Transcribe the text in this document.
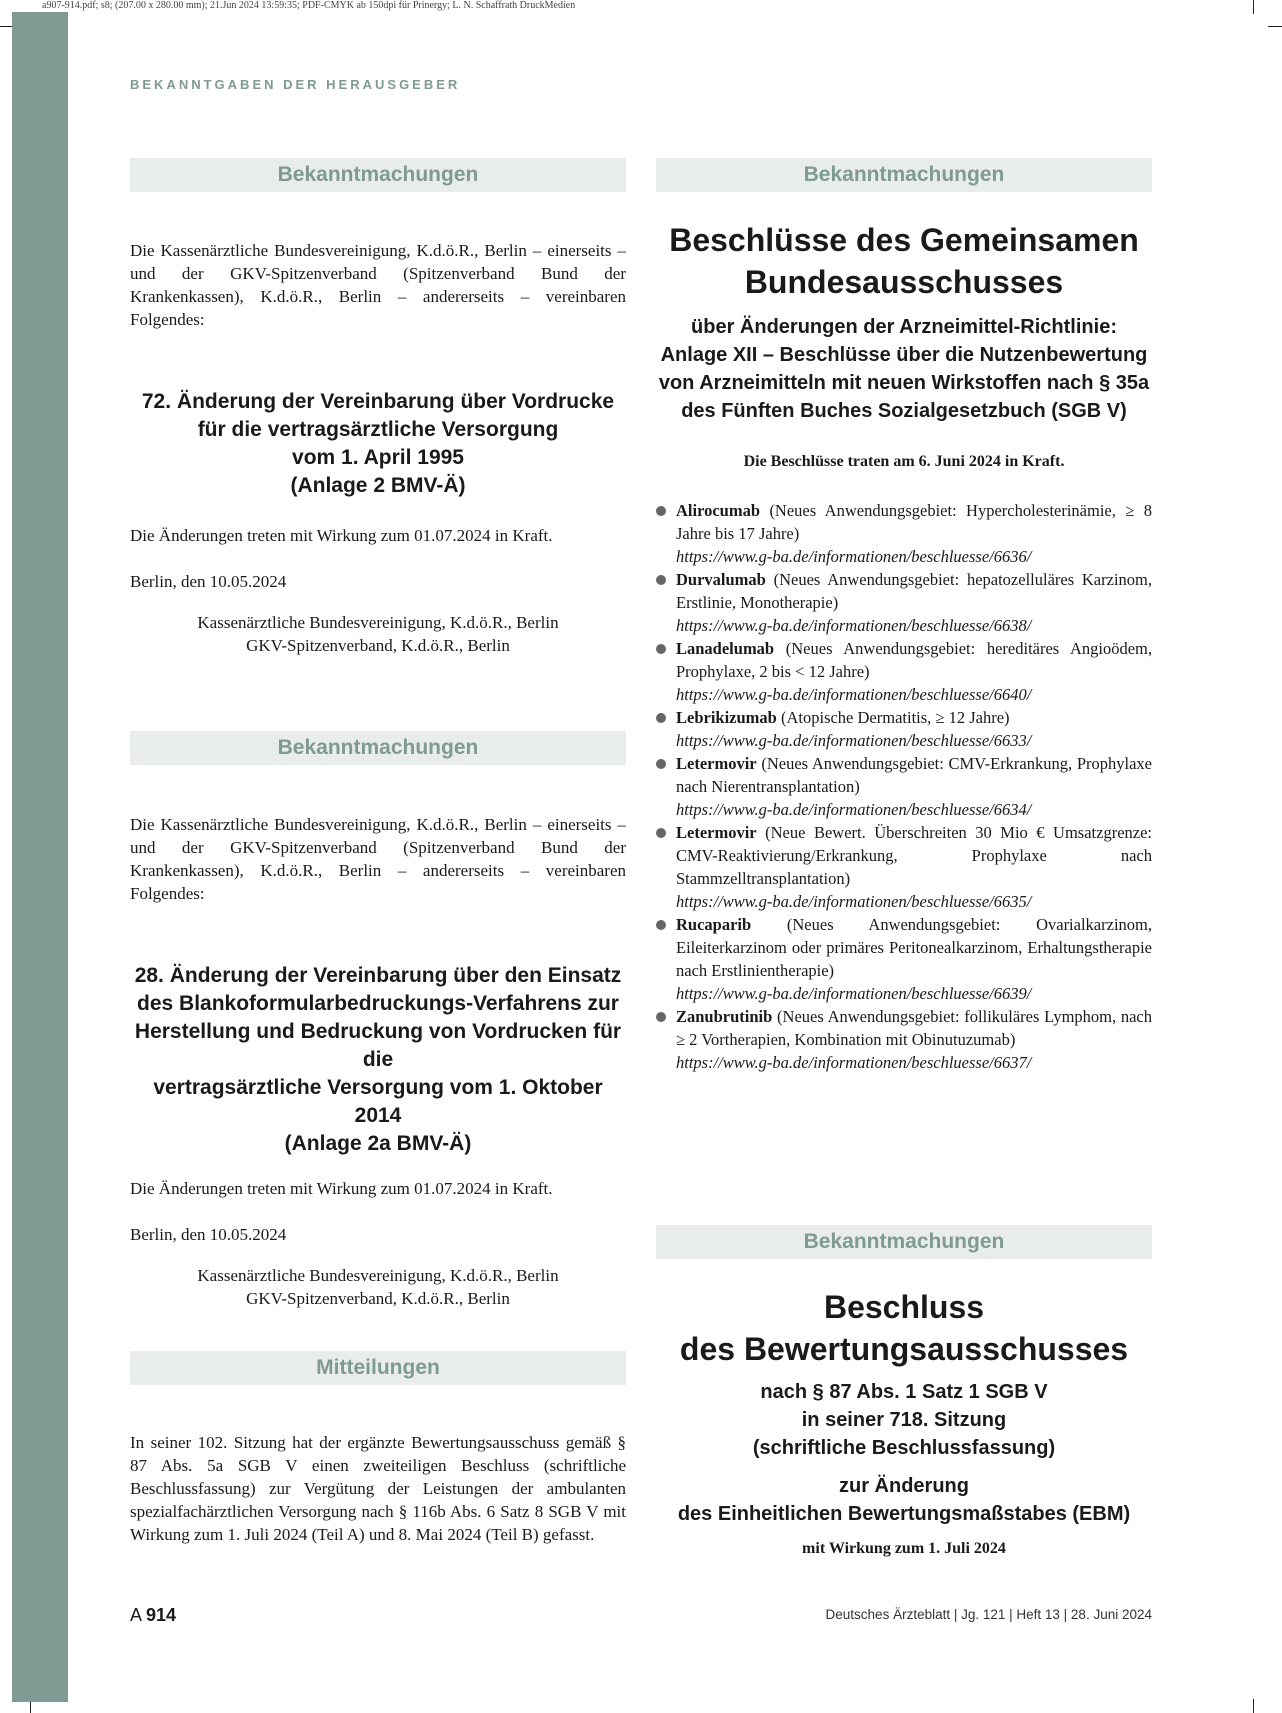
a907-914.pdf; s8; (207.00 x 280.00 mm); 21.Jun 2024 13:59:35; PDF-CMYK ab 150dpi für Prinergy; L. N. Schaffrath DruckMedien
BEKANNTGABEN DER HERAUSGEBER
Bekanntmachungen

Die Kassenärztliche Bundesvereinigung, K.d.ö.R., Berlin – einerseits – und der GKV-Spitzenverband (Spitzenverband Bund der Krankenkassen), K.d.ö.R., Berlin – andererseits – vereinbaren Folgendes:

72. Änderung der Vereinbarung über Vordrucke
für die vertragsärztliche Versorgung
vom 1. April 1995
(Anlage 2 BMV-Ä)

Die Änderungen treten mit Wirkung zum 01.07.2024 in Kraft.

Berlin, den 10.05.2024

Kassenärztliche Bundesvereinigung, K.d.ö.R., Berlin

GKV-Spitzenverband, K.d.ö.R., Berlin

Bekanntmachungen

Die Kassenärztliche Bundesvereinigung, K.d.ö.R., Berlin – einerseits – und der GKV-Spitzenverband (Spitzenverband Bund der Krankenkassen), K.d.ö.R., Berlin – andererseits – vereinbaren Folgendes:

28. Änderung der Vereinbarung über den Einsatz
des Blankoformularbedruckungs-Verfahrens zur
Herstellung und Bedruckung von Vordrucken für die
vertragsärztliche Versorgung vom 1. Oktober 2014
(Anlage 2a BMV-Ä)

Die Änderungen treten mit Wirkung zum 01.07.2024 in Kraft.

Berlin, den 10.05.2024

Kassenärztliche Bundesvereinigung, K.d.ö.R., Berlin

GKV-Spitzenverband, K.d.ö.R., Berlin

Mitteilungen

In seiner 102. Sitzung hat der ergänzte Bewertungsausschuss gemäß § 87 Abs. 5a SGB V einen zweiteiligen Beschluss (schriftliche Beschlussfassung) zur Vergütung der Leistungen der ambulanten spezialfachärztlichen Versorgung nach § 116b Abs. 6 Satz 8 SGB V mit Wirkung zum 1. Juli 2024 (Teil A) und 8. Mai 2024 (Teil B) gefasst.

Bekanntmachungen
Beschlüsse des Gemeinsamen
Bundesausschusses
über Änderungen der Arzneimittel-Richtlinie:
Anlage XII – Beschlüsse über die Nutzenbewertung
von Arzneimitteln mit neuen Wirkstoffen nach § 35a
des Fünften Buches Sozialgesetzbuch (SGB V)
Die Beschlüsse traten am 6. Juni 2024 in Kraft.
Alirocumab (Neues Anwendungsgebiet: Hypercholesterinämie, ≥ 8 Jahre bis 17 Jahre)
https://www.g-ba.de/informationen/beschluesse/6636/
Durvalumab (Neues Anwendungsgebiet: hepatozelluläres Karzinom, Erstlinie, Monotherapie)
https://www.g-ba.de/informationen/beschluesse/6638/
Lanadelumab (Neues Anwendungsgebiet: hereditäres Angioödem, Prophylaxe, 2 bis < 12 Jahre)
https://www.g-ba.de/informationen/beschluesse/6640/
Lebrikizumab (Atopische Dermatitis, ≥ 12 Jahre)
https://www.g-ba.de/informationen/beschluesse/6633/
Letermovir (Neues Anwendungsgebiet: CMV-Erkrankung, Prophylaxe nach Nierentransplantation)
https://www.g-ba.de/informationen/beschluesse/6634/
Letermovir (Neue Bewert. Überschreiten 30 Mio € Umsatzgrenze: CMV-Reaktivierung/Erkrankung, Prophylaxe nach Stammzelltransplantation)
https://www.g-ba.de/informationen/beschluesse/6635/
Rucaparib (Neues Anwendungsgebiet: Ovarialkarzinom, Eileiterkarzinom oder primäres Peritonealkarzinom, Erhaltungstherapie nach Erstlinientherapie)
https://www.g-ba.de/informationen/beschluesse/6639/
Zanubrutinib (Neues Anwendungsgebiet: follikuläres Lymphom, nach ≥ 2 Vortherapien, Kombination mit Obinutuzumab)
https://www.g-ba.de/informationen/beschluesse/6637/
Bekanntmachungen
Beschluss
des Bewertungsausschusses
nach § 87 Abs. 1 Satz 1 SGB V
in seiner 718. Sitzung
(schriftliche Beschlussfassung)
zur Änderung
des Einheitlichen Bewertungsmaßstabes (EBM)
mit Wirkung zum 1. Juli 2024
A 914	Deutsches Ärzteblatt | Jg. 121 | Heft 13 | 28. Juni 2024
